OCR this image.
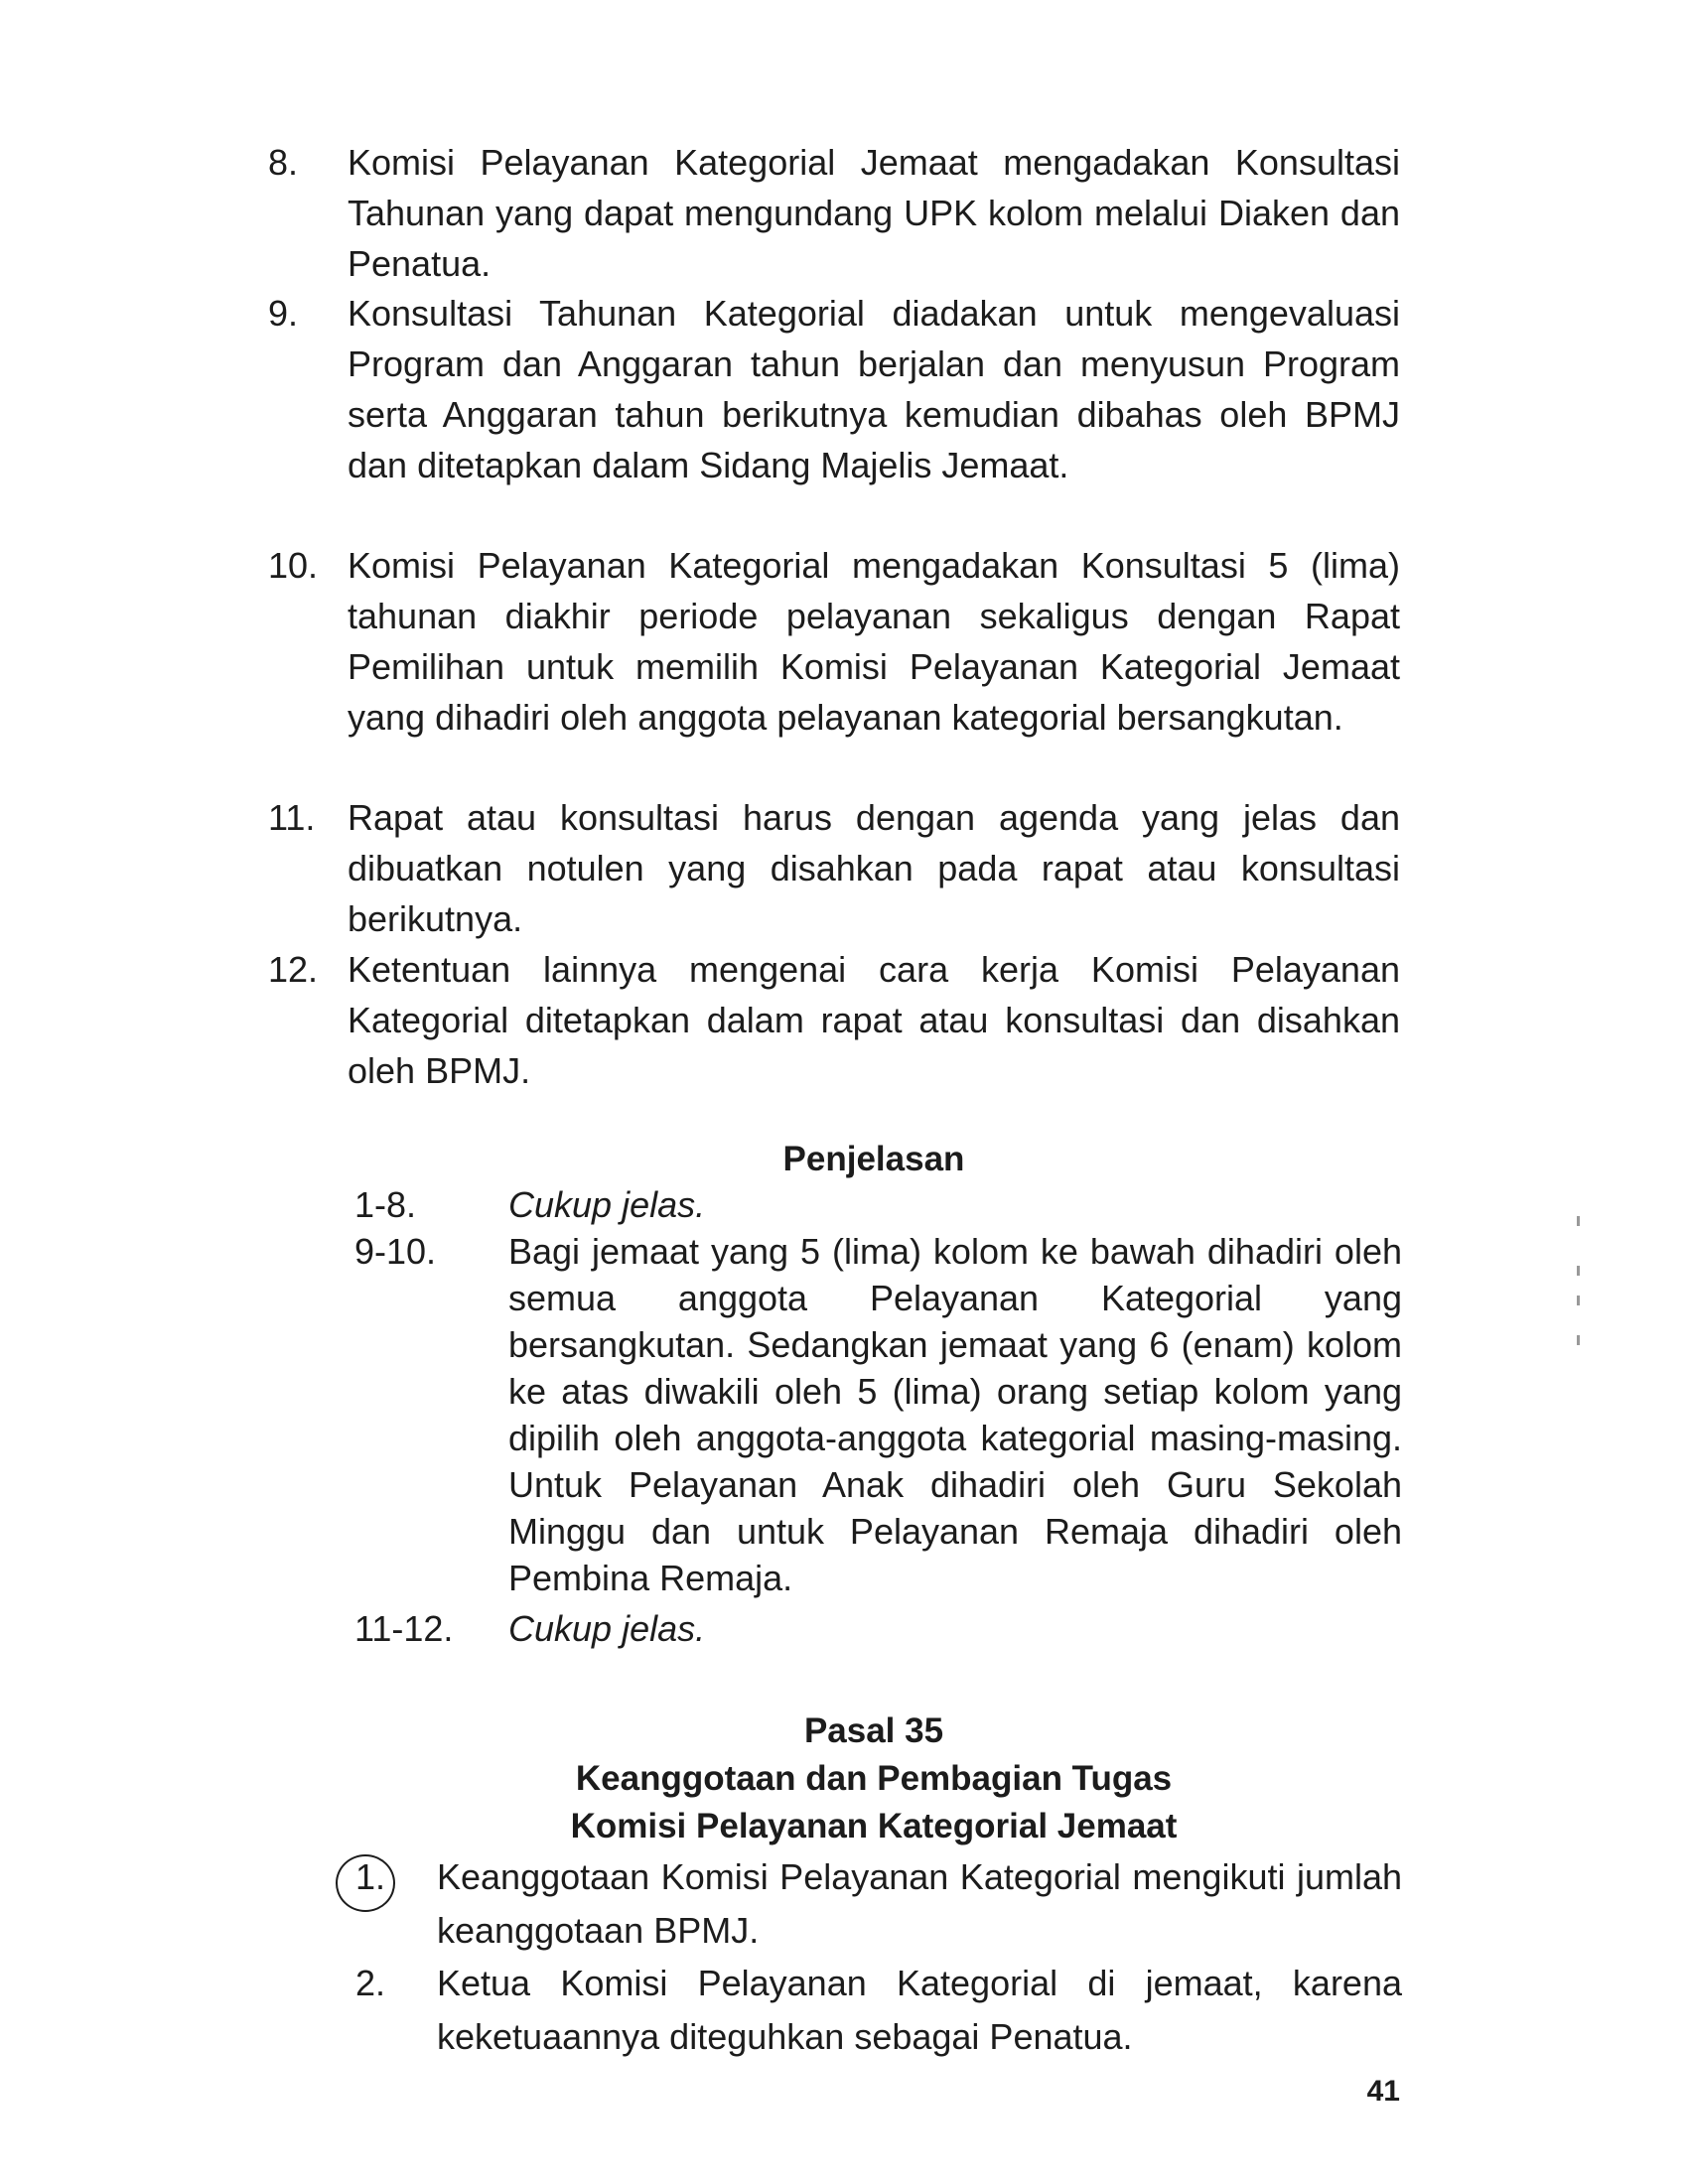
8.	Komisi Pelayanan Kategorial Jemaat mengadakan Konsultasi Tahunan yang dapat mengundang UPK kolom melalui Diaken dan Penatua.
9.	Konsultasi Tahunan Kategorial diadakan untuk mengevaluasi Program dan Anggaran tahun berjalan dan menyusun Program serta Anggaran tahun berikutnya kemudian dibahas oleh BPMJ dan ditetapkan dalam Sidang Majelis Jemaat.
10. Komisi Pelayanan Kategorial mengadakan Konsultasi 5 (lima) tahunan diakhir periode pelayanan sekaligus dengan Rapat Pemilihan untuk memilih Komisi Pelayanan Kategorial Jemaat yang dihadiri oleh anggota pelayanan kategorial bersangkutan.
11. Rapat atau konsultasi harus dengan agenda yang jelas dan dibuatkan notulen yang disahkan pada rapat atau konsultasi berikutnya.
12. Ketentuan lainnya mengenai cara kerja Komisi Pelayanan Kategorial ditetapkan dalam rapat atau konsultasi dan disahkan oleh BPMJ.
Penjelasan
1-8.	Cukup jelas.
9-10.	Bagi jemaat yang 5 (lima) kolom ke bawah dihadiri oleh semua anggota Pelayanan Kategorial yang bersangkutan. Sedangkan jemaat yang 6 (enam) kolom ke atas diwakili oleh 5 (lima) orang setiap kolom yang dipilih oleh anggota-anggota kategorial masing-masing. Untuk Pelayanan Anak dihadiri oleh Guru Sekolah Minggu dan untuk Pelayanan Remaja dihadiri oleh Pembina Remaja.
11-12.	Cukup jelas.
Pasal 35
Keanggotaan dan Pembagian Tugas
Komisi Pelayanan Kategorial Jemaat
1.	Keanggotaan Komisi Pelayanan Kategorial mengikuti jumlah keanggotaan BPMJ.
2.	Ketua Komisi Pelayanan Kategorial di jemaat, karena keketuaannya diteguhkan sebagai Penatua.
41
